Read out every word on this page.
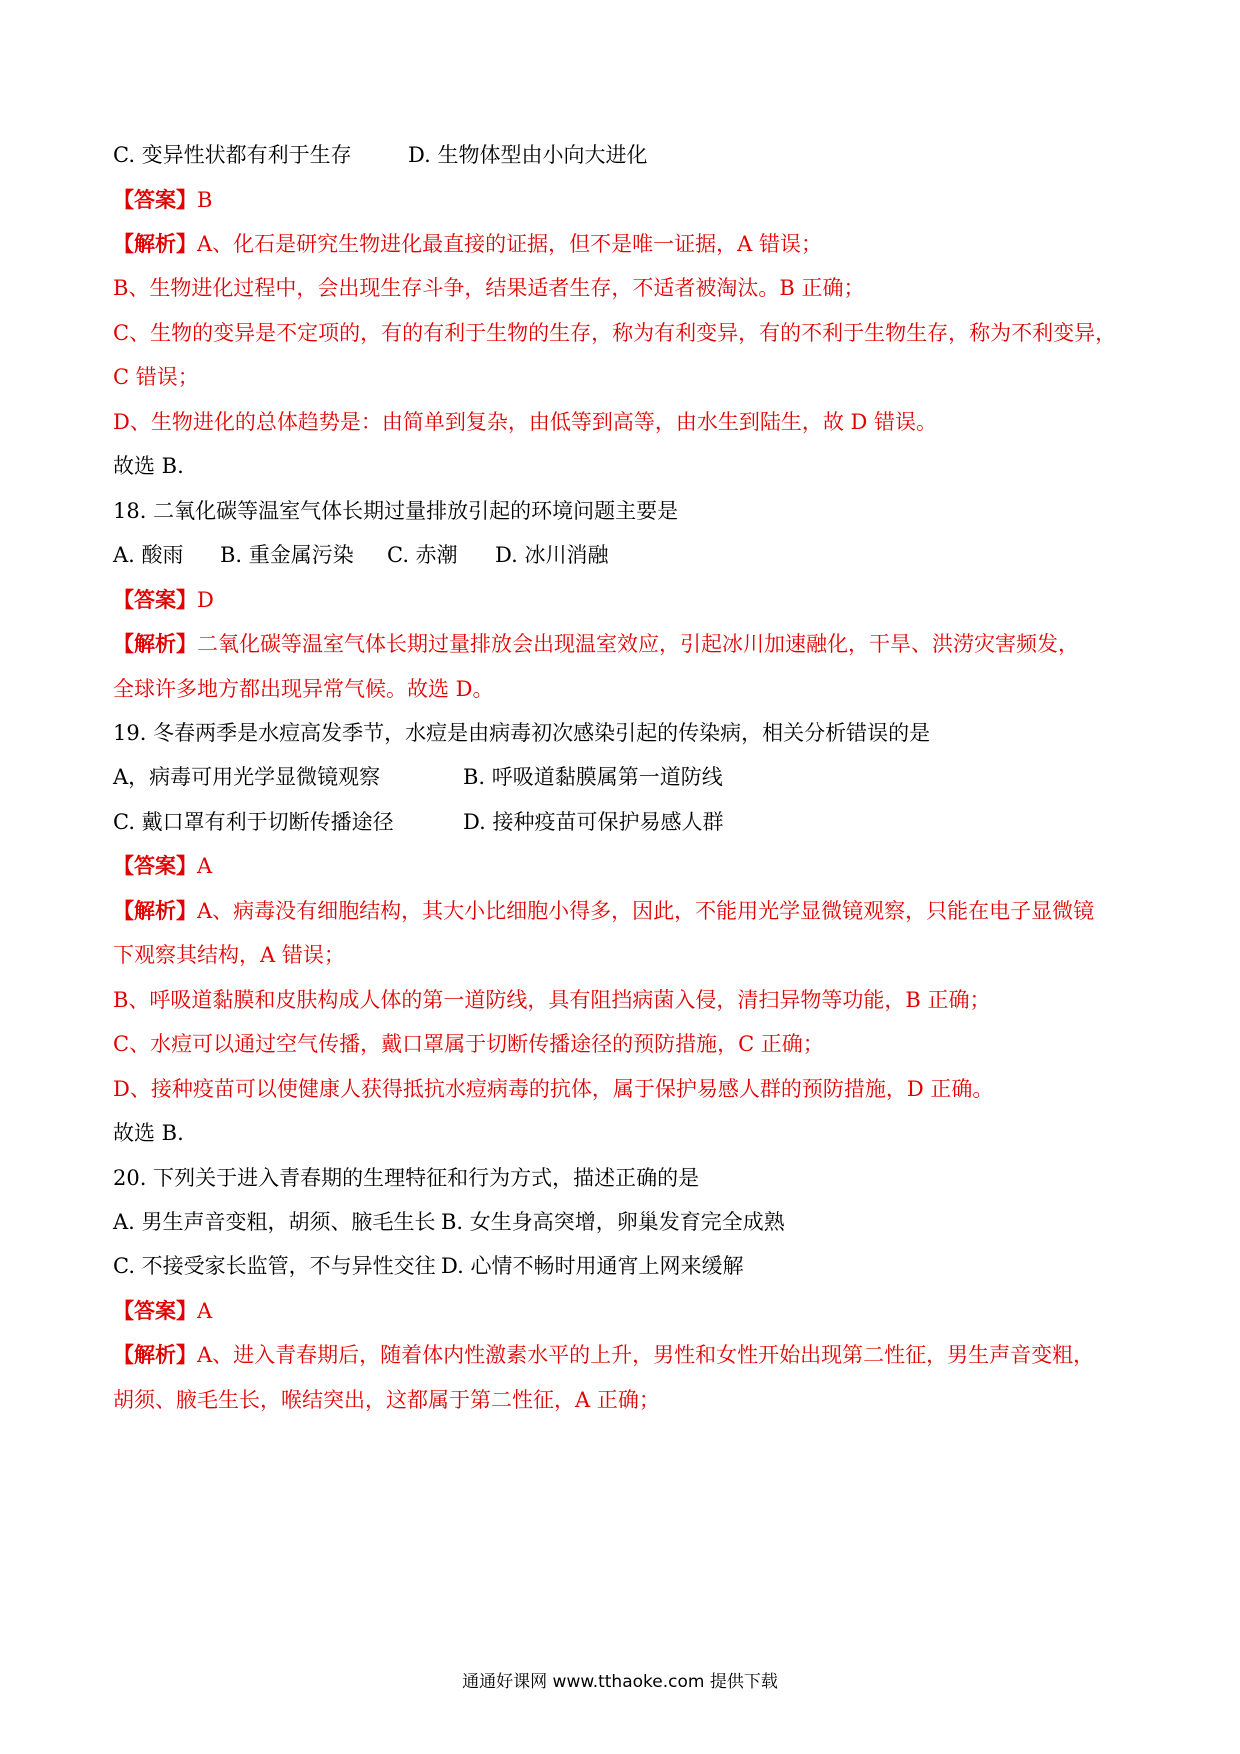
C. 变异性状都有利于生存	D. 生物体型由小向大进化
【答案】B
【解析】A、化石是研究生物进化最直接的证据，但不是唯一证据，A 错误；
B、生物进化过程中，会出现生存斗争，结果适者生存，不适者被淘汰。B 正确；
C、生物的变异是不定项的，有的有利于生物的生存，称为有利变异，有的不利于生物生存，称为不利变异，
C 错误；
D、生物进化的总体趋势是：由简单到复杂，由低等到高等，由水生到陆生，故 D 错误。
故选 B.
18. 二氧化碳等温室气体长期过量排放引起的环境问题主要是
A. 酸雨 B. 重金属污染 C. 赤潮 D. 冰川消融
【答案】D
【解析】二氧化碳等温室气体长期过量排放会出现温室效应，引起冰川加速融化，干旱、洪涝灾害频发，
全球许多地方都出现异常气候。故选 D。
19. 冬春两季是水痘高发季节，水痘是由病毒初次感染引起的传染病，相关分析错误的是
A，病毒可用光学显微镜观察	B. 呼吸道黏膜属第一道防线
C. 戴口罩有利于切断传播途径	D. 接种疫苗可保护易感人群
【答案】A
【解析】A、病毒没有细胞结构，其大小比细胞小得多，因此，不能用光学显微镜观察，只能在电子显微镜
下观察其结构，A 错误；
B、呼吸道黏膜和皮肤构成人体的第一道防线，具有阻挡病菌入侵，清扫异物等功能，B 正确；
C、水痘可以通过空气传播，戴口罩属于切断传播途径的预防措施，C 正确；
D、接种疫苗可以使健康人获得抵抗水痘病毒的抗体，属于保护易感人群的预防措施，D 正确。
故选 B.
20. 下列关于进入青春期的生理特征和行为方式，描述正确的是
A. 男生声音变粗，胡须、腋毛生长 B. 女生身高突增，卵巢发育完全成熟
C. 不接受家长监管，不与异性交往 D. 心情不畅时用通宵上网来缓解
【答案】A
【解析】A、进入青春期后，随着体内性激素水平的上升，男性和女性开始出现第二性征，男生声音变粗，
胡须、腋毛生长，喉结突出，这都属于第二性征，A 正确；
通通好课网 www.tthaoke.com 提供下载
